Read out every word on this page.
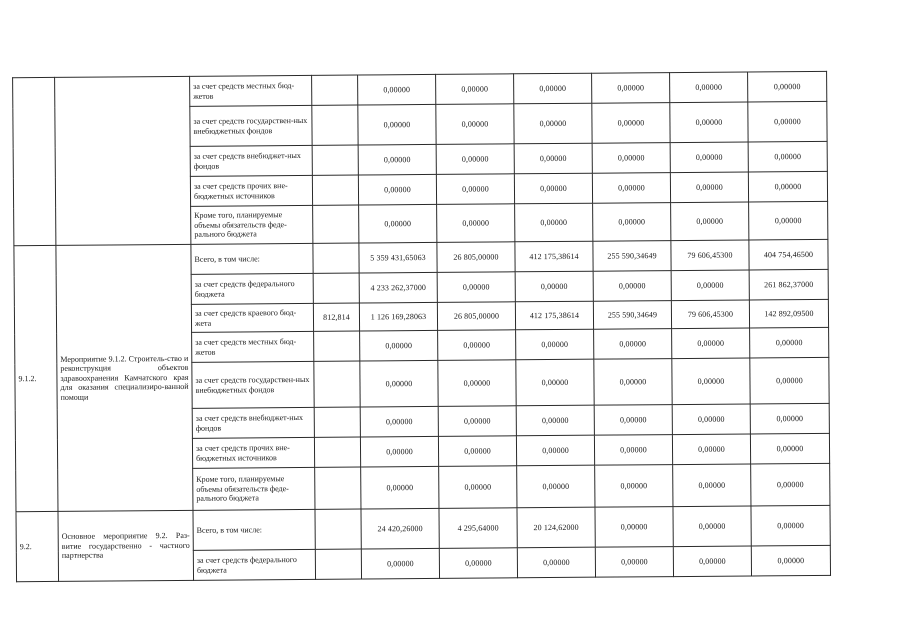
		за счет средств местных бюд-жетов		0,00000	0,00000	0,00000	0,00000	0,00000	0,00000
		за счет средств государствен-ных внебюджетных фондов		0,00000	0,00000	0,00000	0,00000	0,00000	0,00000
		за счет средств внебюджет-ных фондов		0,00000	0,00000	0,00000	0,00000	0,00000	0,00000
		за счет средств прочих вне-бюджетных источников		0,00000	0,00000	0,00000	0,00000	0,00000	0,00000
		Кроме того, планируемые объемы обязательств феде-рального бюджета		0,00000	0,00000	0,00000	0,00000	0,00000	0,00000
9.1.2.	Мероприятие 9.1.2. Строитель-ство и реконструкция объектов здравоохранения Камчатского края для оказания специализиро-ванной помощи	Всего, в том числе:		5 359 431,65063	26 805,00000	412 175,38614	255 590,34649	79 606,45300	404 754,46500
		за счет средств федерального бюджета		4 233 262,37000	0,00000	0,00000	0,00000	0,00000	261 862,37000
		за счет средств краевого бюд-жета	812,814	1 126 169,28063	26 805,00000	412 175,38614	255 590,34649	79 606,45300	142 892,09500
		за счет средств местных бюд-жетов		0,00000	0,00000	0,00000	0,00000	0,00000	0,00000
		за счет средств государствен-ных внебюджетных фондов		0,00000	0,00000	0,00000	0,00000	0,00000	0,00000
		за счет средств внебюджет-ных фондов		0,00000	0,00000	0,00000	0,00000	0,00000	0,00000
		за счет средств прочих вне-бюджетных источников		0,00000	0,00000	0,00000	0,00000	0,00000	0,00000
		Кроме того, планируемые объемы обязательств феде-рального бюджета		0,00000	0,00000	0,00000	0,00000	0,00000	0,00000
9.2.	Основное мероприятие 9.2. Раз-витие государственно - частного партнерства	Всего, в том числе:		24 420,26000	4 295,64000	20 124,62000	0,00000	0,00000	0,00000
		за счет средств федерального бюджета		0,00000	0,00000	0,00000	0,00000	0,00000	0,00000
